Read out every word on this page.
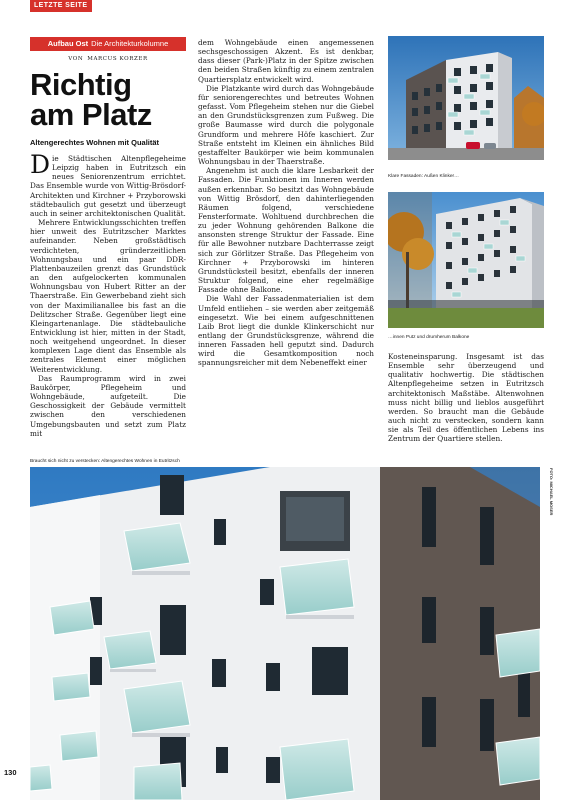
LETZTE SEITE
Aufbau Ost Die Architekturkolumne
VON MARCUS KORZER
Richtig
am Platz
Altengerechtes Wohnen mit Qualität

Die Städtischen Altenpflegeheime Leipzig haben in Eutritzsch ein neues Seniorenzentrum errichtet. Das Ensemble wurde von Wittig-Brösdorf-Architekten und Kirchner + Przyborowski städtebaulich gut gesetzt und überzeugt auch in seiner architektonischen Qualität.

Mehrere Entwicklungsschichten treffen hier unweit des Eutritzscher Marktes aufeinander. Neben großstädtisch verdichteten, gründerzeitlichen Wohnungsbau und ein paar DDR-Plattenbauzeilen grenzt das Grundstück an den aufgelockerten kommunalen Wohnungsbau von Hubert Ritter an der Thaerstraße. Ein Gewerbeband zieht sich von der Maximilianallee bis fast an die Delitzscher Straße. Gegenüber liegt eine Kleingartenanlage. Die städtebauliche Entwicklung ist hier, mitten in der Stadt, noch weitgehend ungeordnet. In dieser komplexen Lage dient das Ensemble als zentrales Element einer möglichen Weiterentwicklung.

Das Raumprogramm wird in zwei Baukörper, Pflegeheim und Wohngebäude, aufgeteilt. Die Geschossigkeit der Gebäude vermittelt zwischen den verschiedenen Umgebungsbauten und setzt zum Platz mit

dem Wohngebäude einen angemessenen sechsgeschossigen Akzent. Es ist denkbar, dass dieser (Park-)Platz in der Spitze zwischen den beiden Straßen künftig zu einem zentralen Quartiersplatz entwickelt wird.

Die Platzkante wird durch das Wohngebäude für seniorengerechtes und betreutes Wohnen gefasst. Vom Pflegeheim stehen nur die Giebel an den Grundstücksgrenzen zum Fußweg. Die große Baumasse wird durch die polygonale Grundform und mehrere Höfe kaschiert. Zur Straße entsteht im Kleinen ein ähnliches Bild gestaffelter Baukörper wie beim kommunalen Wohnungsbau in der Thaerstraße.

Angenehm ist auch die klare Lesbarkeit der Fassaden. Die Funktionen im Inneren werden außen erkennbar. So besitzt das Wohngebäude von Wittig Brösdorf, den dahinterliegenden Räumen folgend, verschiedene Fensterformate. Wohltuend durchbrechen die zu jeder Wohnung gehörenden Balkone die ansonsten strenge Struktur der Fassade. Eine für alle Bewohner nutzbare Dachterrasse zeigt sich zur Görlitzer Straße. Das Pflegeheim von Kirchner + Przyborowski im hinteren Grundstücksteil besitzt, ebenfalls der inneren Struktur folgend, eine eher regelmäßige Fassade ohne Balkone.

Die Wahl der Fassadenmaterialien ist dem Umfeld entliehen – sie werden aber zeitgemäß eingesetzt. Wie bei einem aufgeschnittenen Laib Brot liegt die dunkle Klinkerschicht nur entlang der Grundstücksgrenze, während die inneren Fassaden hell geputzt sind. Dadurch wird die Gesamtkomposition noch spannungsreicher mit dem Nebeneffekt einer

Kosteneinsparung. Insgesamt ist das Ensemble sehr überzeugend und qualitativ hochwertig. Die städtischen Altenpflegeheime setzen in Eutritzsch architektonisch Maßstäbe. Altenwohnen muss nicht billig und lieblos ausgeführt werden. So braucht man die Gebäude auch nicht zu verstecken, sondern kann sie als Teil des öffentlichen Lebens ins Zentrum der Quartiere stellen.

Klare Fassaden: Außen Klinker…
…innen Putz und drumherum Balkone
Braucht sich nicht zu verstecken: Altengerechtes Wohnen in Eutritzsch
FOTO: MICHAEL MOSER
130
